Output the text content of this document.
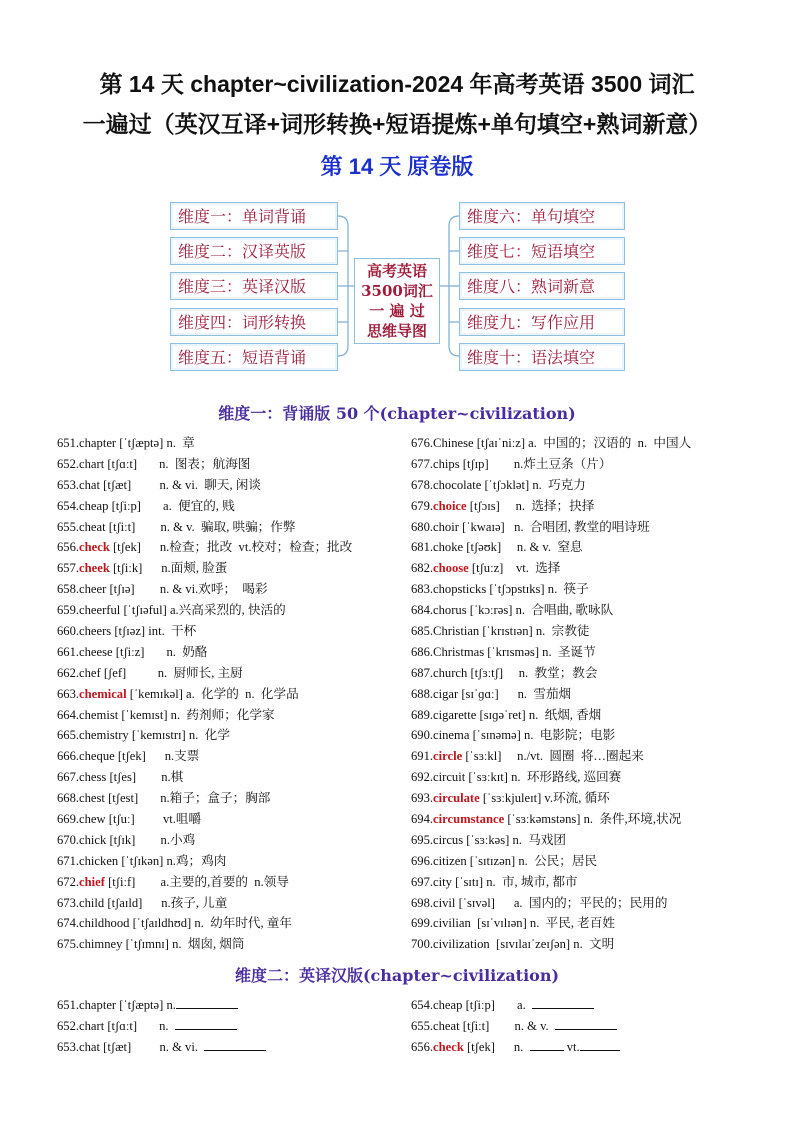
第 14 天 chapter~civilization-2024 年高考英语 3500 词汇
一遍过（英汉互译+词形转换+短语提炼+单句填空+熟词新意）
第 14 天 原卷版
维度一：单词背诵
维度二：汉译英版
维度三：英译汉版
维度四：词形转换
维度五：短语背诵
高考英语
3500词汇
一 遍 过
思维导图
维度六：单句填空
维度七：短语填空
维度八：熟词新意
维度九：写作应用
维度十：语法填空
维度一：背诵版 50 个(chapter~civilization)
651.chapter [ˈtʃæptə] n.  章
652.chart [tʃɑːt]       n.  图表；航海图
653.chat [tʃæt]         n. & vi.  聊天, 闲谈
654.cheap [tʃiːp]       a.  便宜的, 贱
655.cheat [tʃiːt]        n. & v.  骗取, 哄骗；作弊
656.check [tʃek]      n.检查；批改  vt.校对；检查；批改
657.cheek [tʃiːk]      n.面颊, 脸蛋
658.cheer [tʃɪə]        n. & vi.欢呼；  喝彩
659.cheerful [ˈtʃɪəful] a.兴高采烈的, 快活的
660.cheers [tʃɪəz] int.  干杯
661.cheese [tʃiːz]       n.  奶酪
662.chef [ʃef]          n.  厨师长, 主厨
663.chemical [ˈkemɪkəl] a.  化学的  n.  化学品
664.chemist [ˈkemɪst] n.  药剂师；化学家
665.chemistry [ˈkemɪstrɪ] n.  化学
666.cheque [tʃek]      n.支票
667.chess [tʃes]        n.棋
668.chest [tʃest]       n.箱子；盒子；胸部
669.chew [tʃuː]         vt.咀嚼
670.chick [tʃɪk]        n.小鸡
671.chicken [ˈtʃɪkən] n.鸡；鸡肉
672.chief [tʃiːf]        a.主要的,首要的  n.领导
673.child [tʃaɪld]      n.孩子, 儿童
674.childhood [ˈtʃaɪldhʊd] n.  幼年时代, 童年
675.chimney [ˈtʃɪmnɪ] n.  烟囱, 烟筒
676.Chinese [tʃaɪˈniːz] a.  中国的；汉语的  n.  中国人
677.chips [tʃɪp]        n.炸土豆条（片）
678.chocolate [ˈtʃɔklət] n.  巧克力
679.choice [tʃɔɪs]     n.  选择；抉择
680.choir [ˈkwaɪə]   n.  合唱团, 教堂的唱诗班
681.choke [tʃəʊk]     n. & v.  窒息
682.choose [tʃuːz]    vt.  选择
683.chopsticks [ˈtʃɔpstɪks] n.  筷子
684.chorus [ˈkɔːrəs] n.  合唱曲, 歌咏队
685.Christian [ˈkrɪstɪən] n.  宗教徒
686.Christmas [ˈkrɪsməs] n.  圣诞节
687.church [tʃɜːtʃ]     n.  教堂；教会
688.cigar [sɪˈɡɑː]      n.  雪茄烟
689.cigarette [sɪɡəˈret] n.  纸烟, 香烟
690.cinema [ˈsɪnəmə] n.  电影院；电影
691.circle [ˈsɜːkl]     n./vt.  圆圈  将…圈起来
692.circuit [ˈsɜːkɪt] n.  环形路线, 巡回赛
693.circulate [ˈsɜːkjuleɪt] v.环流, 循环
694.circumstance [ˈsɜːkəmstəns] n.  条件,环境,状况
695.circus [ˈsɜːkəs] n.  马戏团
696.citizen [ˈsɪtɪzən] n.  公民；居民
697.city [ˈsɪtɪ] n.  市, 城市, 都市
698.civil [ˈsɪvəl]      a.  国内的；平民的；民用的
699.civilian  [sɪˈvɪlɪən] n.  平民, 老百姓
700.civilization  [sɪvɪlaɪˈzeɪʃən] n.  文明
维度二：英译汉版(chapter~civilization)
651.chapter [ˈtʃæptə] n.
652.chart [tʃɑːt]       n.
653.chat [tʃæt]         n. & vi.
654.cheap [tʃiːp]       a.
655.cheat [tʃiːt]        n. & v.
656.check [tʃek]      n.	vt.
